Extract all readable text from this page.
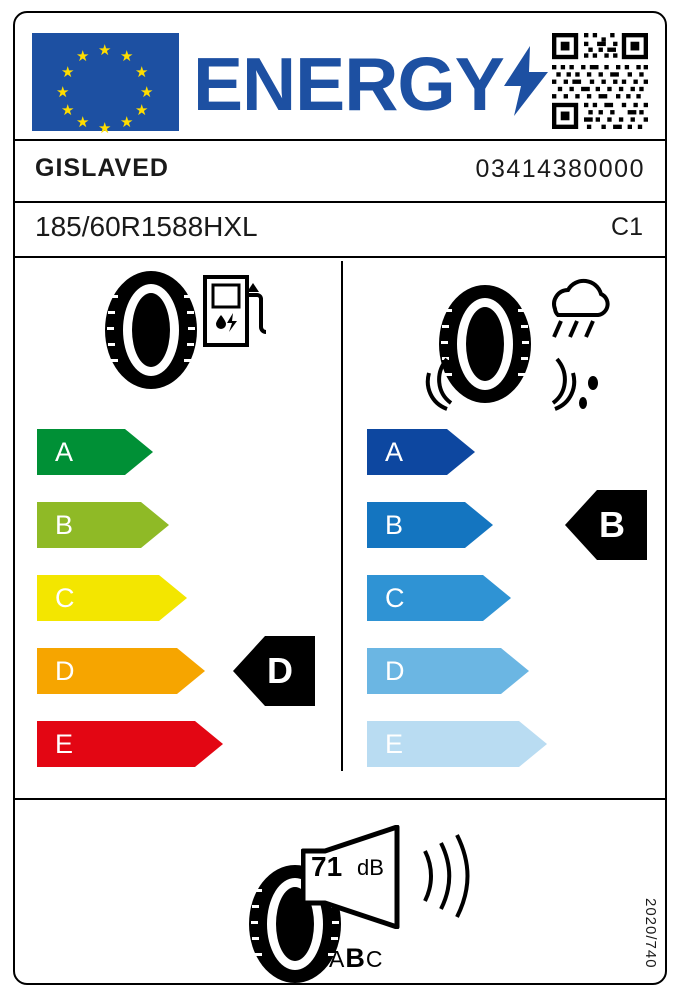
★
★ ★
★	★
★	★
★	★
★ ★
★
ENERGY
GISLAVED	03414380000
185/60R1588HXL	C1
A
B
C
D
E
D
A
B
C
D
E
B
71 dB
ABC	2020/740
